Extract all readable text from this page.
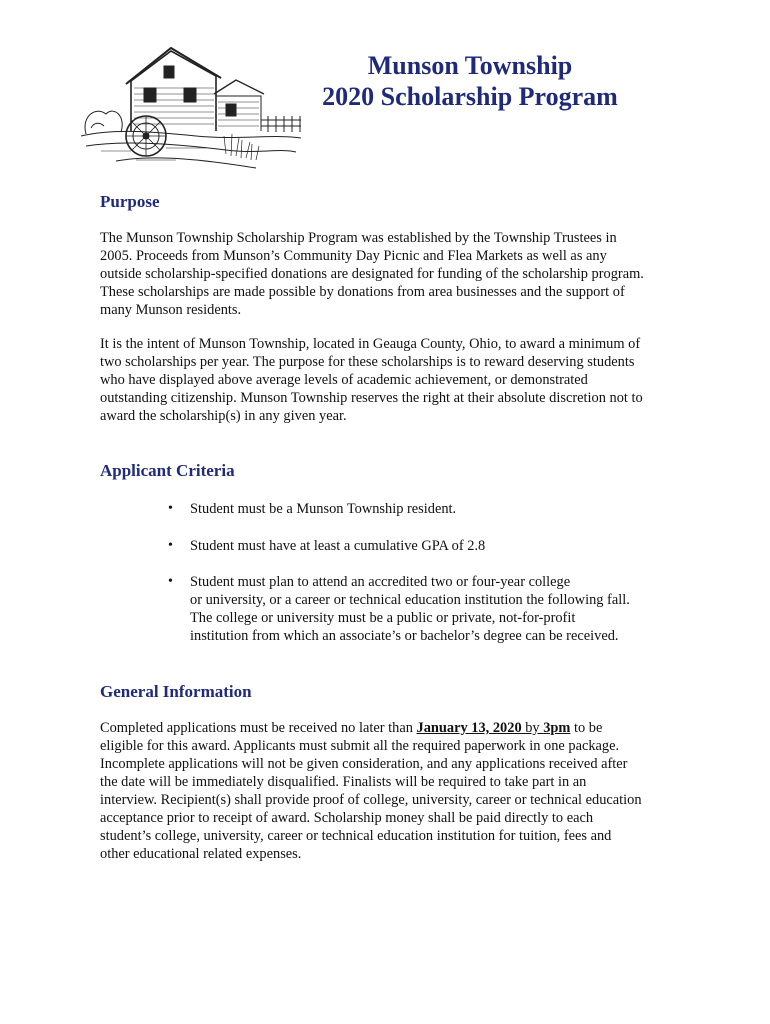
Munson Township
2020 Scholarship Program
Purpose

The Munson Township Scholarship Program was established by the Township Trustees in
2005. Proceeds from Munson’s Community Day Picnic and Flea Markets as well as any
outside scholarship-specified donations are designated for funding of the scholarship program.
These scholarships are made possible by donations from area businesses and the support of
many Munson residents.

It is the intent of Munson Township, located in Geauga County, Ohio, to award a minimum of
two scholarships per year. The purpose for these scholarships is to reward deserving students
who have displayed above average levels of academic achievement, or demonstrated
outstanding citizenship. Munson Township reserves the right at their absolute discretion not to
award the scholarship(s) in any given year.

Applicant Criteria
• Student must be a Munson Township resident.
• Student must have at least a cumulative GPA of 2.8
• Student must plan to attend an accredited two or four-year college
or university, or a career or technical education institution the following fall.
The college or university must be a public or private, not-for-profit
institution from which an associate’s or bachelor’s degree can be received.
General Information

Completed applications must be received no later than January 13, 2020 by 3pm to be
eligible for this award. Applicants must submit all the required paperwork in one package.
Incomplete applications will not be given consideration, and any applications received after
the date will be immediately disqualified. Finalists will be required to take part in an
interview. Recipient(s) shall provide proof of college, university, career or technical education
acceptance prior to receipt of award. Scholarship money shall be paid directly to each
student’s college, university, career or technical education institution for tuition, fees and
other educational related expenses.
